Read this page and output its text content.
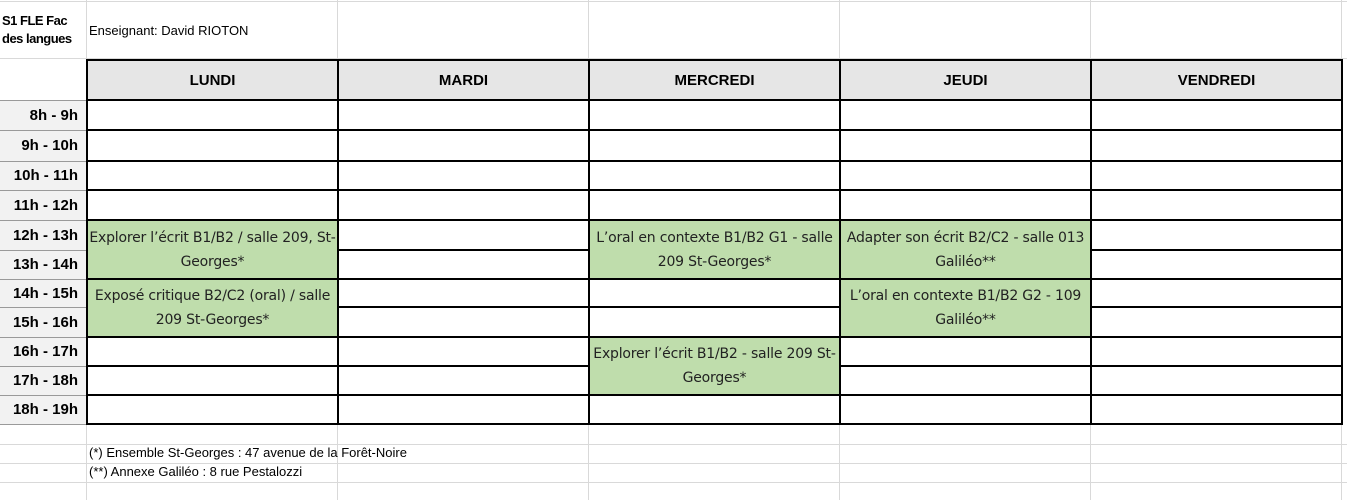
S1 FLE Fac des langues
Enseignant: David RIOTON
	LUNDI	MARDI	MERCREDI	JEUDI	VENDREDI
8h - 9h					
9h - 10h					
10h - 11h					
11h - 12h					
12h - 13h	Explorer l’écrit B1/B2 / salle 209, St-Georges*		L’oral en contexte B1/B2 G1 - salle 209 St-Georges*	Adapter son écrit B2/C2 - salle 013 Galiléo**	
13h - 14h					
14h - 15h	Exposé critique B2/C2 (oral) / salle 209 St-Georges*			L’oral en contexte B1/B2 G2 - 109 Galiléo**	
15h - 16h					
16h - 17h			Explorer l’écrit B1/B2 - salle 209 St-Georges*		
17h - 18h					
18h - 19h					
(*) Ensemble St-Georges : 47 avenue de la Forêt-Noire
(**) Annexe Galiléo : 8 rue Pestalozzi
